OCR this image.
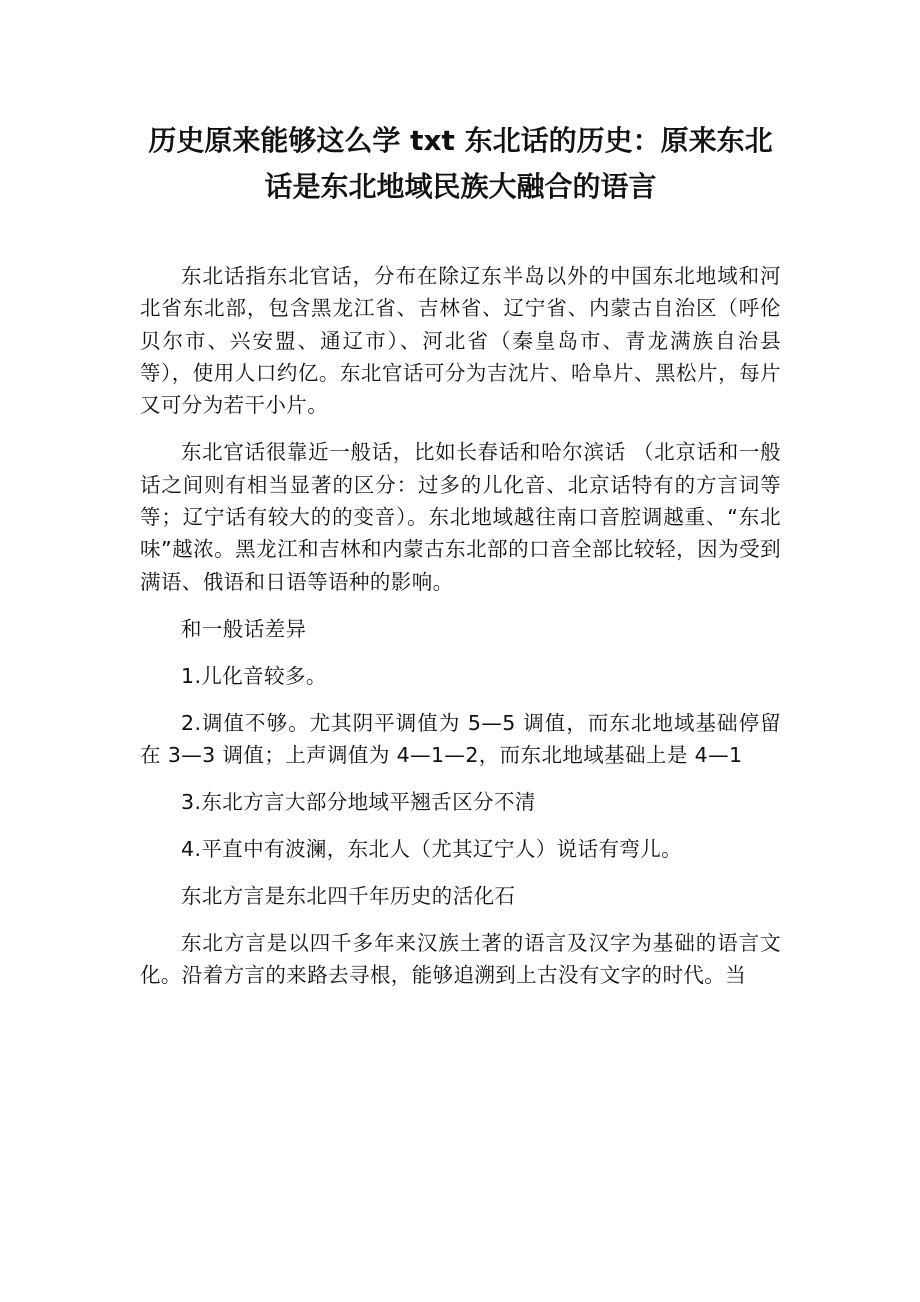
历史原来能够这么学 txt 东北话的历史：原来东北话是东北地域民族大融合的语言

东北话指东北官话，分布在除辽东半岛以外的中国东北地域和河北省东北部，包含黑龙江省、吉林省、辽宁省、内蒙古自治区（呼伦贝尔市、兴安盟、通辽市）、河北省（秦皇岛市、青龙满族自治县等），使用人口约亿。东北官话可分为吉沈片、哈阜片、黑松片，每片又可分为若干小片。

东北官话很靠近一般话，比如长春话和哈尔滨话 （北京话和一般话之间则有相当显著的区分：过多的儿化音、北京话特有的方言词等等；辽宁话有较大的的变音）。东北地域越往南口音腔调越重、“东北味”越浓。黑龙江和吉林和内蒙古东北部的口音全部比较轻，因为受到满语、俄语和日语等语种的影响。

和一般话差异

1.儿化音较多。

2.调值不够。尤其阴平调值为 5—5 调值，而东北地域基础停留在 3—3 调值；上声调值为 4—1—2，而东北地域基础上是 4—1

3.东北方言大部分地域平翘舌区分不清

4.平直中有波澜，东北人（尤其辽宁人）说话有弯儿。

东北方言是东北四千年历史的活化石

东北方言是以四千多年来汉族土著的语言及汉字为基础的语言文化。沿着方言的来路去寻根，能够追溯到上古没有文字的时代。当
